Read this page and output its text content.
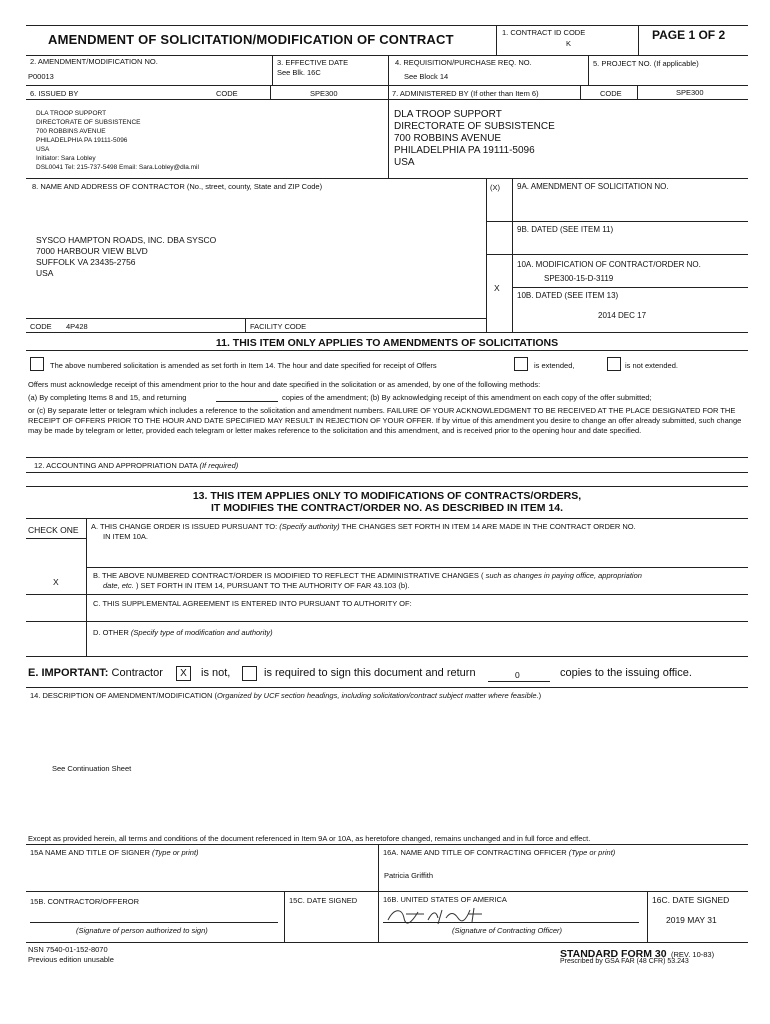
AMENDMENT OF SOLICITATION/MODIFICATION OF CONTRACT	1. CONTRACT ID CODE
K
PAGE 1 OF 2
2. AMENDMENT/MODIFICATION NO.
P00013
3. EFFECTIVE DATE
See Blk. 16C
4. REQUISITION/PURCHASE REQ. NO.
See Block 14
5. PROJECT NO. (If applicable)
6. ISSUED BY	CODE	SPE300	7. ADMINISTERED BY (If other than Item 6)	CODE	SPE300
DLA TROOP SUPPORT
DIRECTORATE OF SUBSISTENCE
700 ROBBINS AVENUE
PHILADELPHIA PA 19111-5096
USA
Initiator: Sara Lobley
DSL0041 Tel: 215-737-5498 Email: Sara.Lobley@dla.mil
DLA TROOP SUPPORT
DIRECTORATE OF SUBSISTENCE
700 ROBBINS AVENUE
PHILADELPHIA PA 19111-5096
USA
8. NAME AND ADDRESS OF CONTRACTOR (No., street, county, State and ZIP Code)
SYSCO HAMPTON ROADS, INC. DBA SYSCO
7000 HARBOUR VIEW BLVD
SUFFOLK VA 23435-2756
USA
(X) 9A. AMENDMENT OF SOLICITATION NO.
9B. DATED (SEE ITEM 11)
10A. MODIFICATION OF CONTRACT/ORDER NO.
SPE300-15-D-3119
X
10B. DATED (SEE ITEM 13)
2014 DEC 17
CODE 4P428	FACILITY CODE
11. THIS ITEM ONLY APPLIES TO AMENDMENTS OF SOLICITATIONS
The above numbered solicitation is amended as set forth in Item 14. The hour and date specified for receipt of Offers	is extended,	is not extended.
Offers must acknowledge receipt of this amendment prior to the hour and date specified in the solicitation or as amended, by one of the following methods:
(a) By completing Items 8 and 15, and returning	copies of the amendment; (b) By acknowledging receipt of this amendment on each copy of the offer submitted;
or (c) By separate letter or telegram which includes a reference to the solicitation and amendment numbers. FAILURE OF YOUR ACKNOWLEDGMENT TO BE RECEIVED AT THE PLACE DESIGNATED FOR THE RECEIPT OF OFFERS PRIOR TO THE HOUR AND DATE SPECIFIED MAY RESULT IN REJECTION OF YOUR OFFER. If by virtue of this amendment you desire to change an offer already submitted, such change may be made by telegram or letter, provided each telegram or letter makes reference to the solicitation and this amendment, and is received prior to the opening hour and date specified.
12. ACCOUNTING AND APPROPRIATION DATA (If required)
13. THIS ITEM APPLIES ONLY TO MODIFICATIONS OF CONTRACTS/ORDERS,
IT MODIFIES THE CONTRACT/ORDER NO. AS DESCRIBED IN ITEM 14.
CHECK ONE A. THIS CHANGE ORDER IS ISSUED PURSUANT TO: (Specify authority) THE CHANGES SET FORTH IN ITEM 14 ARE MADE IN THE CONTRACT ORDER NO.
IN ITEM 10A.
X
B. THE ABOVE NUMBERED CONTRACT/ORDER IS MODIFIED TO REFLECT THE ADMINISTRATIVE CHANGES ( such as changes in paying office, appropriation
date, etc. ) SET FORTH IN ITEM 14, PURSUANT TO THE AUTHORITY OF FAR 43.103 (b).
C. THIS SUPPLEMENTAL AGREEMENT IS ENTERED INTO PURSUANT TO AUTHORITY OF:
D. OTHER (Specify type of modification and authority)
E. IMPORTANT: Contractor	X	is not,	is required to sign this document and return	0	copies to the issuing office.
14. DESCRIPTION OF AMENDMENT/MODIFICATION (Organized by UCF section headings, including solicitation/contract subject matter where feasible.)
See Continuation Sheet
Except as provided herein, all terms and conditions of the document referenced in Item 9A or 10A, as heretofore changed, remains unchanged and in full force and effect.
15A NAME AND TITLE OF SIGNER (Type or print)	16A. NAME AND TITLE OF CONTRACTING OFFICER (Type or print)
Patricia Griffith
15B. CONTRACTOR/OFFEROR
(Signature of person authorized to sign)
15C. DATE SIGNED	16B. UNITED STATES OF AMERICA
(Signature of Contracting Officer)
16C. DATE SIGNED
2019 MAY 31
NSN 7540-01-152-8070
Previous edition unusable	STANDARD FORM 30 (REV. 10-83)
Prescribed by GSA FAR (48 CFR) 53.243
